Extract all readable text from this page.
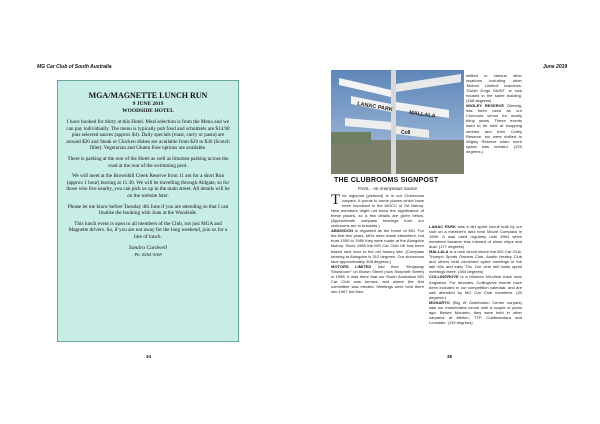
MG Car Club of South Australia	June 2019
MGA/MAGNETTE LUNCH RUN
9 JUNE 2019
WOODSIDE HOTEL

I have booked for thirty at this Hotel. Meal selection is from the Menu and we can pay individually. The menu is typically pub food and schnitzels are $14.90 plus selected sauces (approx $4). Daily specials (roast, curry or pasta) are around $20 and Steak or Chicken dishes are available from $26 to $36 (Scotch fillet). Vegetarian and Gluten Free options are available.

There is parking at the rear of the Hotel as well as bitumen parking across the road at the rear of the swimming pool.

We will meet at the Brownhill Creek Reserve from 11 am for a short Run (approx 1 hour) leaving at 11.30. We will be travelling through Aldgate, so for those who live nearby, you can pick us up in the main street. All details will be on the website later.

Please let me know before Tuesday 4th June if you are attending so that I can finalise the booking with Joan at the Woodside.

This lunch event is open to all members of the Club, not just MGA and Magnette drivers. So, if you are not away for the long weekend, join us for a bite of lunch.

Sandra Cardwell
Ph: 8264 9168
34	35
LANAC PARK
MALLALA
Coll
THE CLUBROOMS SIGNPOST
From... An Anonymous source
shifted to various other locations including other 'Motors Limited' branches. 'Guide Dogs SA/NT' is now housed in the same building. (168 degrees)
WIGLEY RESERVE Glenelg, has been used as our Concours venue for nearly thirty years. These events used to be held at shopping centres and then Colley Reserve, but were shifted to Wigley Reserve when more space was needed. (220 degrees.)
The signpost (pictured) is in our Clubrooms carpark. It points to some places which have been important in the MGCC of SA history. New members might not know the significance of these places, so a few details are given below. (Approximate compass bearings from our clubrooms are in brackets.)
ABINGDON is regarded as the home of MG. For the first few years, MGs were made elsewhere, but from 1930 to 1980 they were made at the Abingdon factory. Since 1969 the MG Car Club UK has been based next door to the old factory site. (Compass bearing to Abingdon is 312 degrees. Our clubrooms face approximately 308 degrees.)
MOTORS LIMITED had their "Kingsway Showroom" on Brown Street (now Morphett Street) in 1958. It was there that our South Australian MG Car Club was formed, and where the first committee was elected. Meetings were held there into 1967 but then
LANAC PARK was a dirt sprint circuit built by our club on a member's land near Mount Compass in 1959. It was used regularly until 1964 when members became less tolerant of stone chips and dust. (177 degrees)
MALLALA is a race circuit where the MG Car Club, Triumph Sports Owners Club, Austin Healey Club and others held combined sprint meetings in the late 60s and early 70s. Our club still holds sprint meetings there. (354 degrees)
COLLINGROVE is a bitumen hill-climb track near Angaston. For decades, Collingrove events have been included in our competition calendar, and are well attended by MG Car Club members. (53 degrees.)
MONARTO (Big W Distribution Centre carpark) was our motorkhana venue until a couple of years ago. Before Monarto, they were held in other carparks at Melton, TTP, Cobbeandara and Lonsdale. (119 degrees)
